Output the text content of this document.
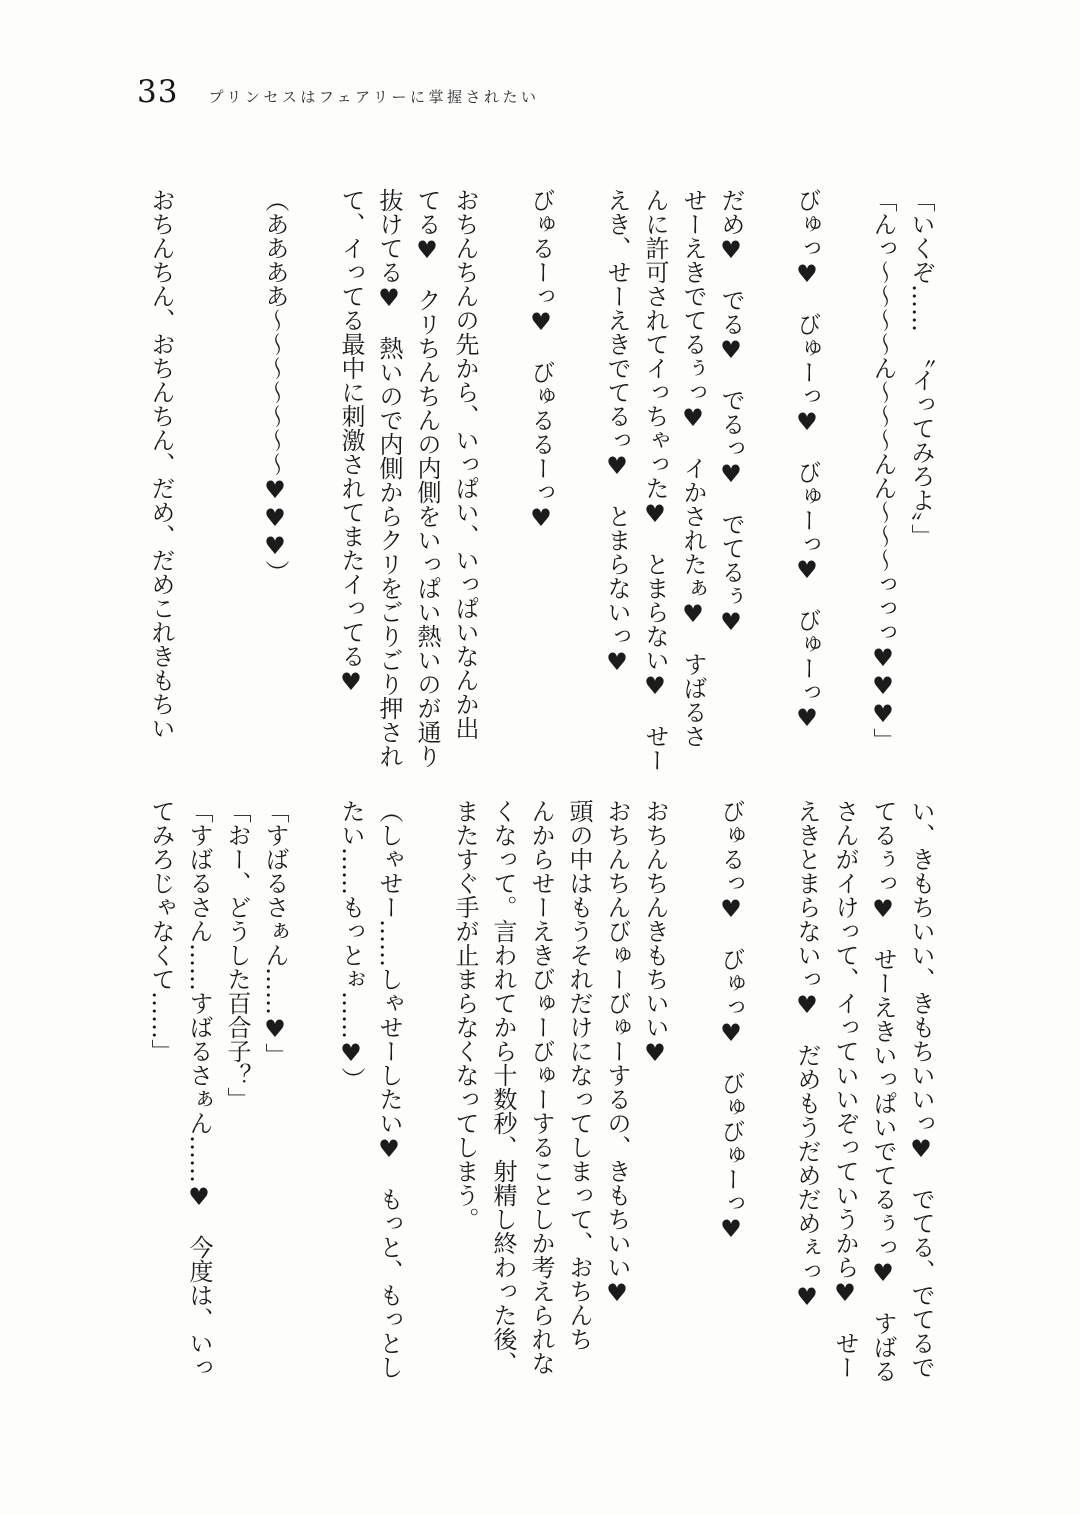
33 プリンセスはフェアリーに掌握されたい

「いくぞ……　〝イってみろよ〟」

「んっ～～～～ん～～～んん～～～っっっ♥♥♥」

びゅっ♥　びゅーっ♥　びゅーっ♥　びゅーっ♥

だめ♥　でる♥　でるっ♥　でてるぅ♥

せーえきでてるぅっ♥　イかされたぁ♥　すばるさ

んに許可されてイっちゃった♥　とまらない♥　せー

えき、せーえきでてるっ♥　とまらないっ♥

びゅるーっ♥　びゅるるーっ♥

おちんちんの先から、いっぱい、いっぱいなんか出

てる♥　クリちんちんの内側をいっぱい熱いのが通り

抜けてる♥　熱いので内側からクリをごりごり押され

て、イってる最中に刺激されてまたイってる♥

（ああああ～～～～～～～♥♥♥）

おちんちん、おちんちん、だめ、だめこれきもちい

い、きもちいい、きもちいいっ♥　でてる、でてるで

てるぅっ♥　せーえきいっぱいでてるぅっ♥　すばる

さんがイけって、イっていいぞっていうから♥　せー

えきとまらないっ♥　だめもうだめだめぇっ♥

びゅるっ♥　びゅっ♥　びゅびゅーっ♥

おちんちんきもちいい♥

おちんちんびゅーびゅーするの、きもちいい♥

頭の中はもうそれだけになってしまって、おちんち

んからせーえきびゅーびゅーすることしか考えられな

くなって。言われてから十数秒、射精し終わった後、

またすぐ手が止まらなくなってしまう。

（しゃせー……しゃせーしたい♥　もっと、もっとし

たい……もっとぉ……♥）

「すばるさぁん……♥」

「おー、どうした百合子？」

「すばるさん……すばるさぁん……♥　今度は、いっ

てみろじゃなくて……」
